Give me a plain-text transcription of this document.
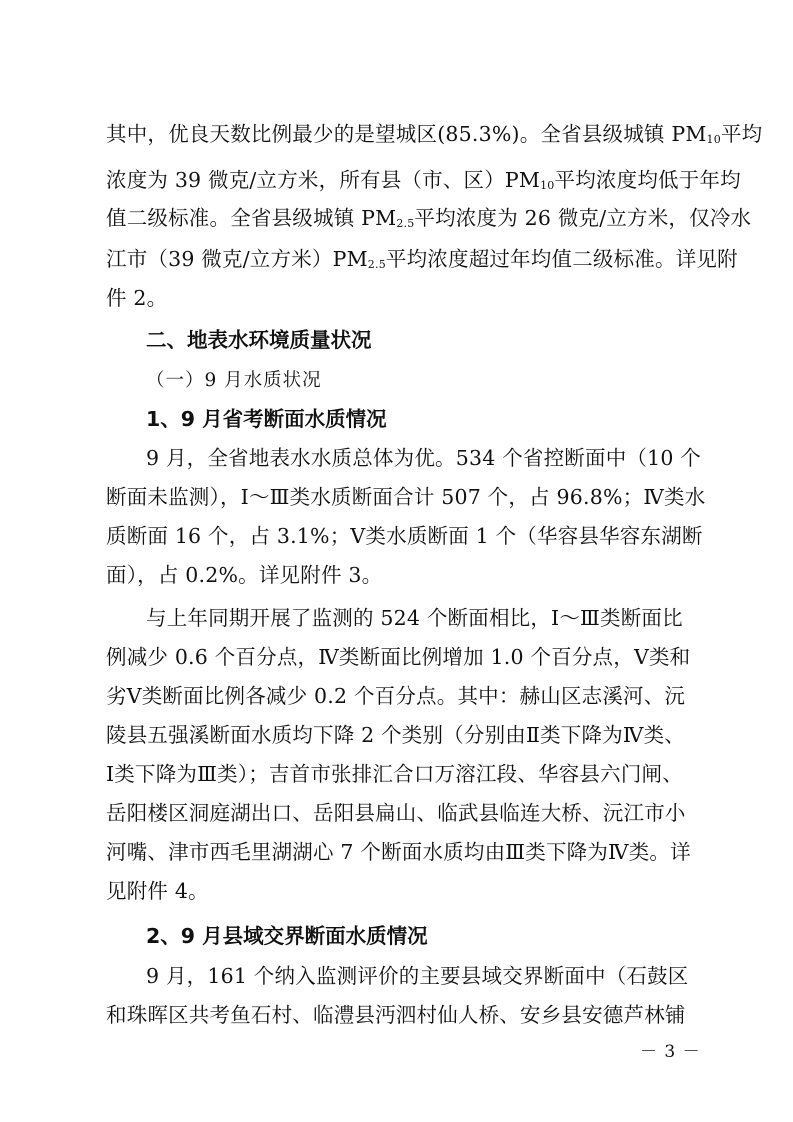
其中，优良天数比例最少的是望城区(85.3%)。全省县级城镇 $PM_{10}$平均
浓度为 39 微克/立方米，所有县（市、区）$PM_{10}$平均浓度均低于年均
值二级标准。全省县级城镇 $PM_{2.5}$平均浓度为 26 微克/立方米，仅冷水
江市（39 微克/立方米）$PM_{2.5}$平均浓度超过年均值二级标准。详见附
件 2。
二、地表水环境质量状况
（一）9 月水质状况
1、9 月省考断面水质情况
9 月，全省地表水水质总体为优。534 个省控断面中（10 个
断面未监测），Ⅰ～Ⅲ类水质断面合计 507 个，占 96.8%；Ⅳ类水
质断面 16 个，占 3.1%；Ⅴ类水质断面 1 个（华容县华容东湖断
面），占 0.2%。详见附件 3。
与上年同期开展了监测的 524 个断面相比，Ⅰ～Ⅲ类断面比
例减少 0.6 个百分点，Ⅳ类断面比例增加 1.0 个百分点，Ⅴ类和
劣Ⅴ类断面比例各减少 0.2 个百分点。其中：赫山区志溪河、沅
陵县五强溪断面水质均下降 2 个类别（分别由Ⅱ类下降为Ⅳ类、
Ⅰ类下降为Ⅲ类）；吉首市张排汇合口万溶江段、华容县六门闸、
岳阳楼区洞庭湖出口、岳阳县扁山、临武县临连大桥、沅江市小
河嘴、津市西毛里湖湖心 7 个断面水质均由Ⅲ类下降为Ⅳ类。详
见附件 4。
2、9 月县域交界断面水质情况
9 月，161 个纳入监测评价的主要县域交界断面中（石鼓区
和珠晖区共考鱼石村、临澧县沔泗村仙人桥、安乡县安德芦林铺
－ 3 －
